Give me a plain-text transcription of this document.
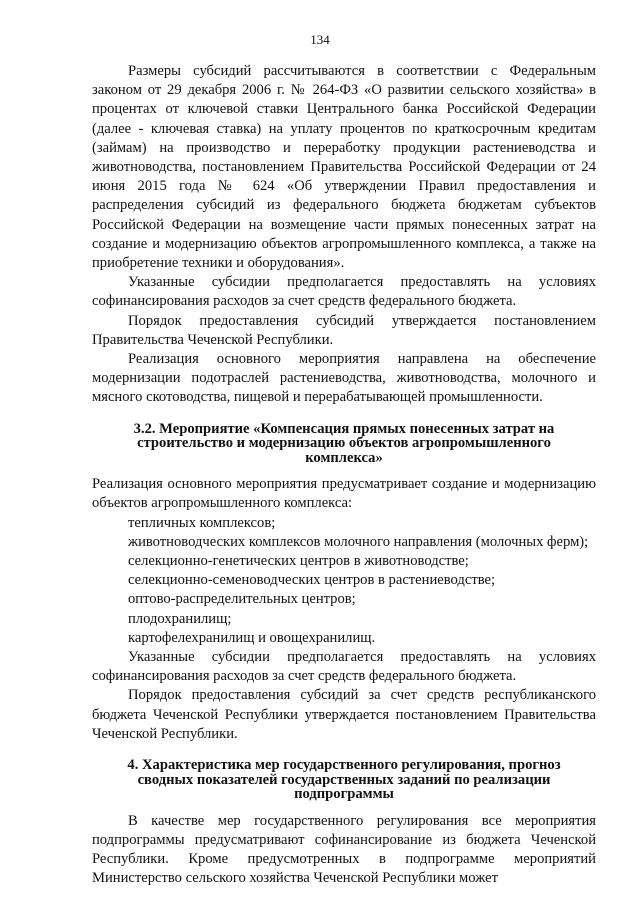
134

Размеры субсидий рассчитываются в соответствии с Федеральным законом от 29 декабря 2006 г. № 264-ФЗ «О развитии сельского хозяйства» в процентах от ключевой ставки Центрального банка Российской Федерации (далее - ключевая ставка) на уплату процентов по краткосрочным кредитам (займам) на производство и переработку продукции растениеводства и животноводства, постановлением Правительства Российской Федерации от 24 июня 2015 года № 624 «Об утверждении Правил предоставления и распределения субсидий из федерального бюджета бюджетам субъектов Российской Федерации на возмещение части прямых понесенных затрат на создание и модернизацию объектов агропромышленного комплекса, а также на приобретение техники и оборудования».

Указанные субсидии предполагается предоставлять на условиях софинансирования расходов за счет средств федерального бюджета.

Порядок предоставления субсидий утверждается постановлением Правительства Чеченской Республики.

Реализация основного мероприятия направлена на обеспечение модернизации подотраслей растениеводства, животноводства, молочного и мясного скотоводства, пищевой и перерабатывающей промышленности.

3.2. Мероприятие «Компенсация прямых понесенных затрат на строительство и модернизацию объектов агропромышленного комплекса»

Реализация основного мероприятия предусматривает создание и модернизацию объектов агропромышленного комплекса:

тепличных комплексов;

животноводческих комплексов молочного направления (молочных ферм);

селекционно-генетических центров в животноводстве;

селекционно-семеноводческих центров в растениеводстве;

оптово-распределительных центров;

плодохранилищ;

картофелехранилищ и овощехранилищ.

Указанные субсидии предполагается предоставлять на условиях софинансирования расходов за счет средств федерального бюджета.

Порядок предоставления субсидий за счет средств республиканского бюджета Чеченской Республики утверждается постановлением Правительства Чеченской Республики.

4. Характеристика мер государственного регулирования, прогноз сводных показателей государственных заданий по реализации подпрограммы

В качестве мер государственного регулирования все мероприятия подпрограммы предусматривают софинансирование из бюджета Чеченской Республики. Кроме предусмотренных в подпрограмме мероприятий Министерство сельского хозяйства Чеченской Республики может
